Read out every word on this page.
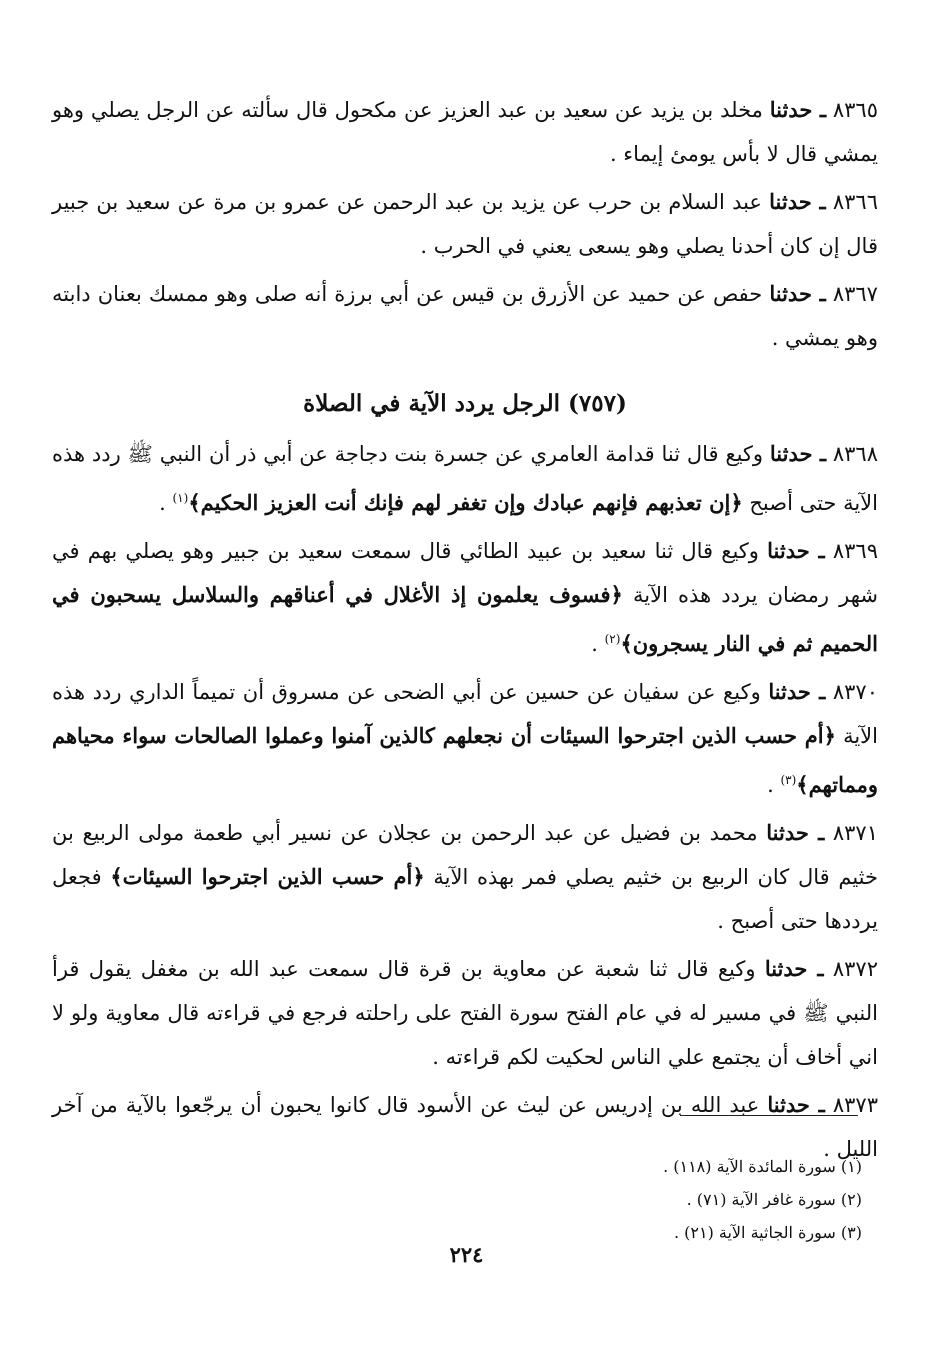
٨٣٦٥ ـ حدثنا مخلد بن يزيد عن سعيد بن عبد العزيز عن مكحول قال سألته عن الرجل يصلي وهو يمشي قال لا بأس يومئ إيماء .

٨٣٦٦ ـ حدثنا عبد السلام بن حرب عن يزيد بن عبد الرحمن عن عمرو بن مرة عن سعيد بن جبير قال إن كان أحدنا يصلي وهو يسعى يعني في الحرب .

٨٣٦٧ ـ حدثنا حفص عن حميد عن الأزرق بن قيس عن أبي برزة أنه صلى وهو ممسك بعنان دابته وهو يمشي .

(٧٥٧) الرجل يردد الآية في الصلاة

٨٣٦٨ ـ حدثنا وكيع قال ثنا قدامة العامري عن جسرة بنت دجاجة عن أبي ذر أن النبي ﷺ ردد هذه الآية حتى أصبح ﴿إن تعذبهم فإنهم عبادك وإن تغفر لهم فإنك أنت العزيز الحكيم﴾$^{(١)}$ .

٨٣٦٩ ـ حدثنا وكيع قال ثنا سعيد بن عبيد الطائي قال سمعت سعيد بن جبير وهو يصلي بهم في شهر رمضان يردد هذه الآية ﴿فسوف يعلمون إذ الأغلال في أعناقهم والسلاسل يسحبون في الحميم ثم في النار يسجرون﴾$^{(٢)}$ .

٨٣٧٠ ـ حدثنا وكيع عن سفيان عن حسين عن أبي الضحى عن مسروق أن تميماً الداري ردد هذه الآية ﴿أم حسب الذين اجترحوا السيئات أن نجعلهم كالذين آمنوا وعملوا الصالحات سواء محياهم ومماتهم﴾$^{(٣)}$ .

٨٣٧١ ـ حدثنا محمد بن فضيل عن عبد الرحمن بن عجلان عن نسير أبي طعمة مولى الربيع بن خثيم قال كان الربيع بن خثيم يصلي فمر بهذه الآية ﴿أم حسب الذين اجترحوا السيئات﴾ فجعل يرددها حتى أصبح .

٨٣٧٢ ـ حدثنا وكيع قال ثنا شعبة عن معاوية بن قرة قال سمعت عبد الله بن مغفل يقول قرأ النبي ﷺ في مسير له في عام الفتح سورة الفتح على راحلته فرجع في قراءته قال معاوية ولو لا اني أخاف أن يجتمع علي الناس لحكيت لكم قراءته .

٨٣٧٣ ـ حدثنا عبد الله بن إدريس عن ليث عن الأسود قال كانوا يحبون أن يرجّعوا بالآية من آخر الليل .

(١) سورة المائدة الآية (١١٨) .
(٢) سورة غافر الآية (٧١) .
(٣) سورة الجاثية الآية (٢١) .
٢٢٤
